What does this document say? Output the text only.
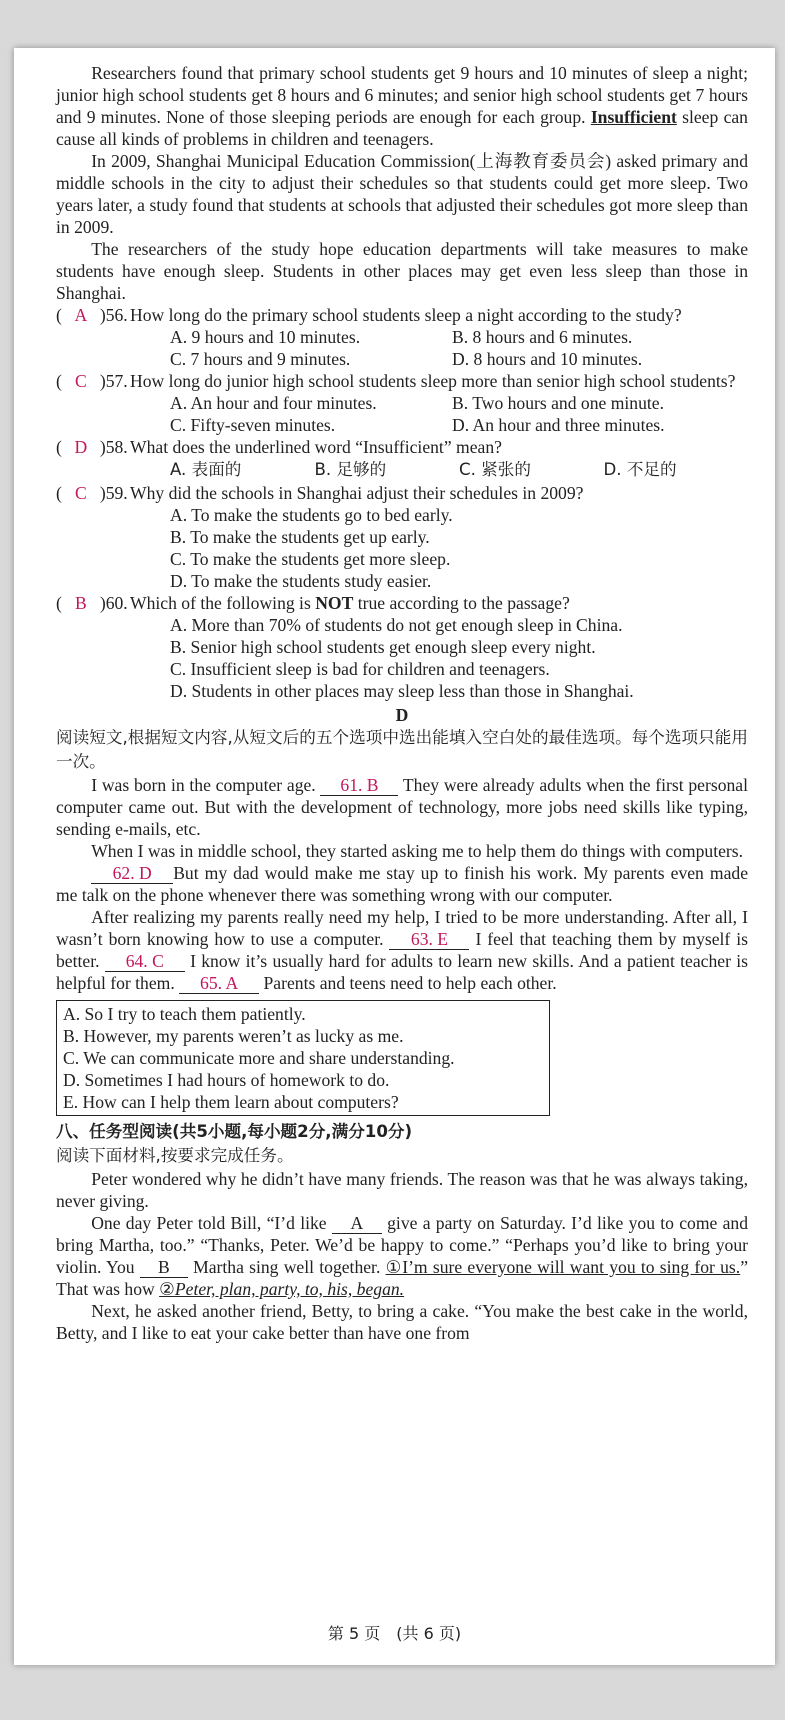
Researchers found that primary school students get 9 hours and 10 minutes of sleep a night; junior high school students get 8 hours and 6 minutes; and senior high school students get 7 hours and 9 minutes. None of those sleeping periods are enough for each group. Insufficient sleep can cause all kinds of problems in children and teenagers.

In 2009, Shanghai Municipal Education Commission(上海教育委员会) asked primary and middle schools in the city to adjust their schedules so that students could get more sleep. Two years later, a study found that students at schools that adjusted their schedules got more sleep than in 2009.

The researchers of the study hope education departments will take measures to make students have enough sleep. Students in other places may get even less sleep than those in Shanghai.

( A )56.
How long do the primary school students sleep a night according to the study?
A. 9 hours and 10 minutes.	B. 8 hours and 6 minutes.
C. 7 hours and 9 minutes.	D. 8 hours and 10 minutes.
( C )57.
How long do junior high school students sleep more than senior high school students?
A. An hour and four minutes.	B. Two hours and one minute.
C. Fifty-seven minutes.	D. An hour and three minutes.
( D )58.
What does the underlined word “Insufficient” mean?
A. 表面的	B. 足够的	C. 紧张的	D. 不足的
( C )59.
Why did the schools in Shanghai adjust their schedules in 2009?
A. To make the students go to bed early.
B. To make the students get up early.
C. To make the students get more sleep.
D. To make the students study easier.
( B )60.
Which of the following is NOT true according to the passage?
A. More than 70% of students do not get enough sleep in China.
B. Senior high school students get enough sleep every night.
C. Insufficient sleep is bad for children and teenagers.
D. Students in other places may sleep less than those in Shanghai.
D

阅读短文,根据短文内容,从短文后的五个选项中选出能填入空白处的最佳选项。每个选项只能用一次。

I was born in the computer age. 61. B They were already adults when the first personal computer came out. But with the development of technology, more jobs need skills like typing, sending e-mails, etc.

When I was in middle school, they started asking me to help them do things with computers.

62. D But my dad would make me stay up to finish his work. My parents even made me talk on the phone whenever there was something wrong with our computer.

After realizing my parents really need my help, I tried to be more understanding. After all, I wasn’t born knowing how to use a computer. 63. E I feel that teaching them by myself is better. 64. C I know it’s usually hard for adults to learn new skills. And a patient teacher is helpful for them. 65. A Parents and teens need to help each other.

A. So I try to teach them patiently.
B. However, my parents weren’t as lucky as me.
C. We can communicate more and share understanding.
D. Sometimes I had hours of homework to do.
E. How can I help them learn about computers?
八、任务型阅读(共5小题,每小题2分,满分10分)

阅读下面材料,按要求完成任务。

Peter wondered why he didn’t have many friends. The reason was that he was always taking, never giving.

One day Peter told Bill, “I’d like A give a party on Saturday. I’d like you to come and bring Martha, too.” “Thanks, Peter. We’d be happy to come.” “Perhaps you’d like to bring your violin. You B Martha sing well together. ①I’m sure everyone will want you to sing for us.” That was how ②Peter, plan, party, to, his, began.

Next, he asked another friend, Betty, to bring a cake. “You make the best cake in the world, Betty, and I like to eat your cake better than have one from

第 5 页 (共 6 页)
